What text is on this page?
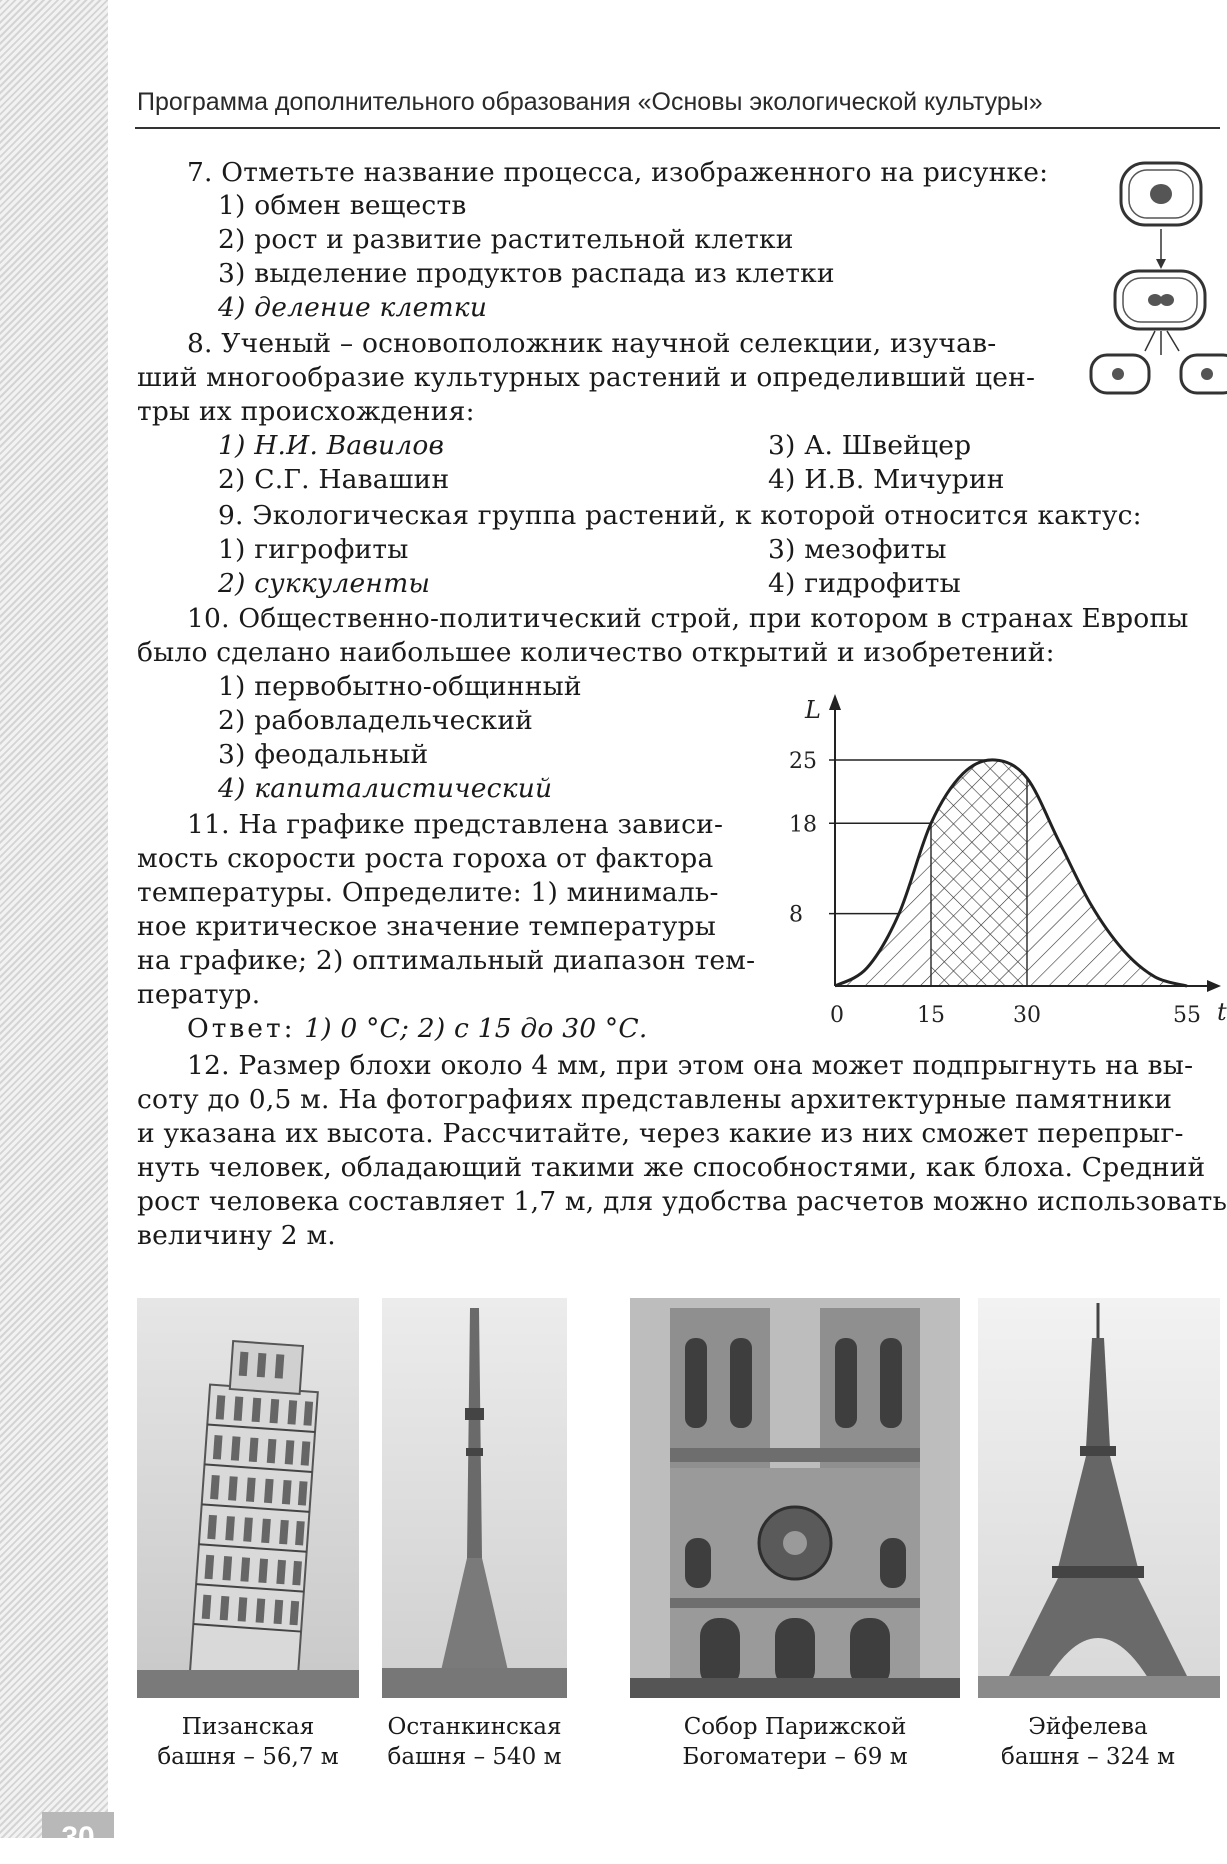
30
Программа дополнительного образования «Основы экологической культуры»
7. Отметьте название процесса, изображенного на рисунке:
1) обмен веществ
2) рост и развитие растительной клетки
3) выделение продуктов распада из клетки
4) деление клетки
8. Ученый – основоположник научной селекции, изучав-
ший многообразие культурных растений и определивший цен-
тры их происхождения:
1) Н.И. Вавилов
2) С.Г. Навашин
3) А. Швейцер
4) И.В. Мичурин
9. Экологическая группа растений, к которой относится кактус:
1) гигрофиты
2) суккуленты
3) мезофиты
4) гидрофиты
10. Общественно-политический строй, при котором в странах Европы
было сделано наибольшее количество открытий и изобретений:
1) первобытно-общинный
2) рабовладельческий
3) феодальный
4) капиталистический
11. На графике представлена зависи-
мость скорости роста гороха от фактора
температуры. Определите: 1) минималь-
ное критическое значение температуры
на графике; 2) оптимальный диапазон тем-
ператур.
Ответ: 1) 0 °С; 2) с 15 до 30 °С.
L
t
0	15	30	55
25
18
8
12. Размер блохи около 4 мм, при этом она может подпрыгнуть на вы-
соту до 0,5 м. На фотографиях представлены архитектурные памятники
и указана их высота. Рассчитайте, через какие из них сможет перепрыг-
нуть человек, обладающий такими же способностями, как блоха. Средний
рост человека составляет 1,7 м, для удобства расчетов можно использовать
величину 2 м.
Пизанская
башня – 56,7 м
Останкинская
башня – 540 м
Собор Парижской
Богоматери – 69 м
Эйфелева
башня – 324 м
